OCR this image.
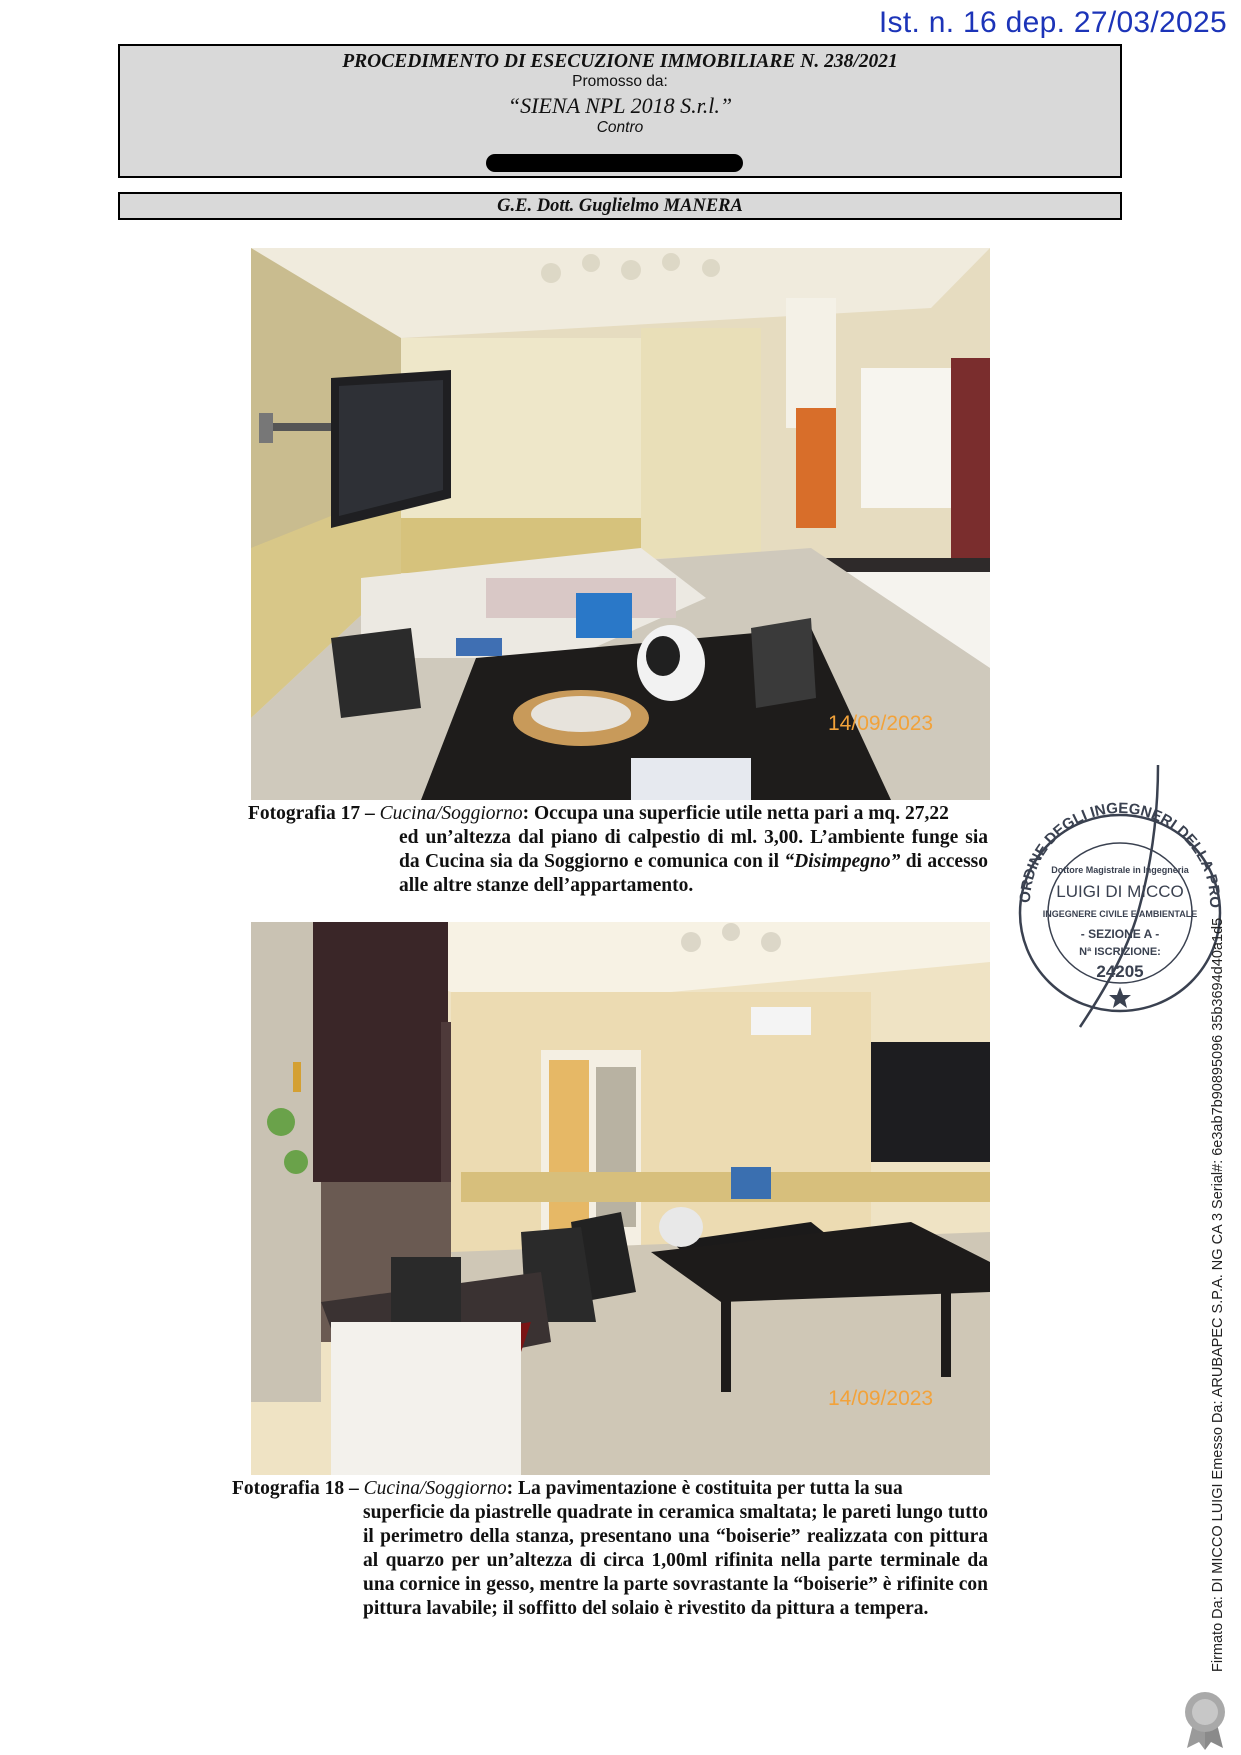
Ist. n. 16 dep. 27/03/2025
PROCEDIMENTO DI ESECUZIONE IMMOBILIARE N. 238/2021
Promosso da:
“SIENA NPL 2018 S.r.l.”
Contro
G.E. Dott. Guglielmo MANERA
14/09/2023
Fotografia 17 – Cucina/Soggiorno: Occupa una superficie utile netta pari a mq. 27,22
ed un’altezza dal piano di calpestio di ml. 3,00. L’ambiente funge sia da Cucina sia da Soggiorno e comunica con il “Disimpegno” di accesso alle altre stanze dell’appartamento.
14/09/2023
Fotografia 18 – Cucina/Soggiorno: La pavimentazione è costituita per tutta la sua
superficie da piastrelle quadrate in ceramica smaltata; le pareti lungo tutto il perimetro della stanza, presentano una “boiserie” realizzata con pittura al quarzo per un’altezza di circa 1,00ml rifinita nella parte terminale da una cornice in gesso, mentre la parte sovrastante la “boiserie” è rifinite con pittura lavabile; il soffitto del solaio è rivestito da pittura a tempera.
ORDINE DEGLI INGEGNERI DELLA PRO
Dottore Magistrale in Ingegneria
LUIGI DI MICCO
INGEGNERE CIVILE E AMBIENTALE
- SEZIONE A -
Nª ISCRIZIONE:
24205	Firmato Da: DI MICCO LUIGI Emesso Da: ARUBAPEC S.P.A. NG CA 3 Serial#: 6e3ab7b90895096 35b3694d40a1d5
